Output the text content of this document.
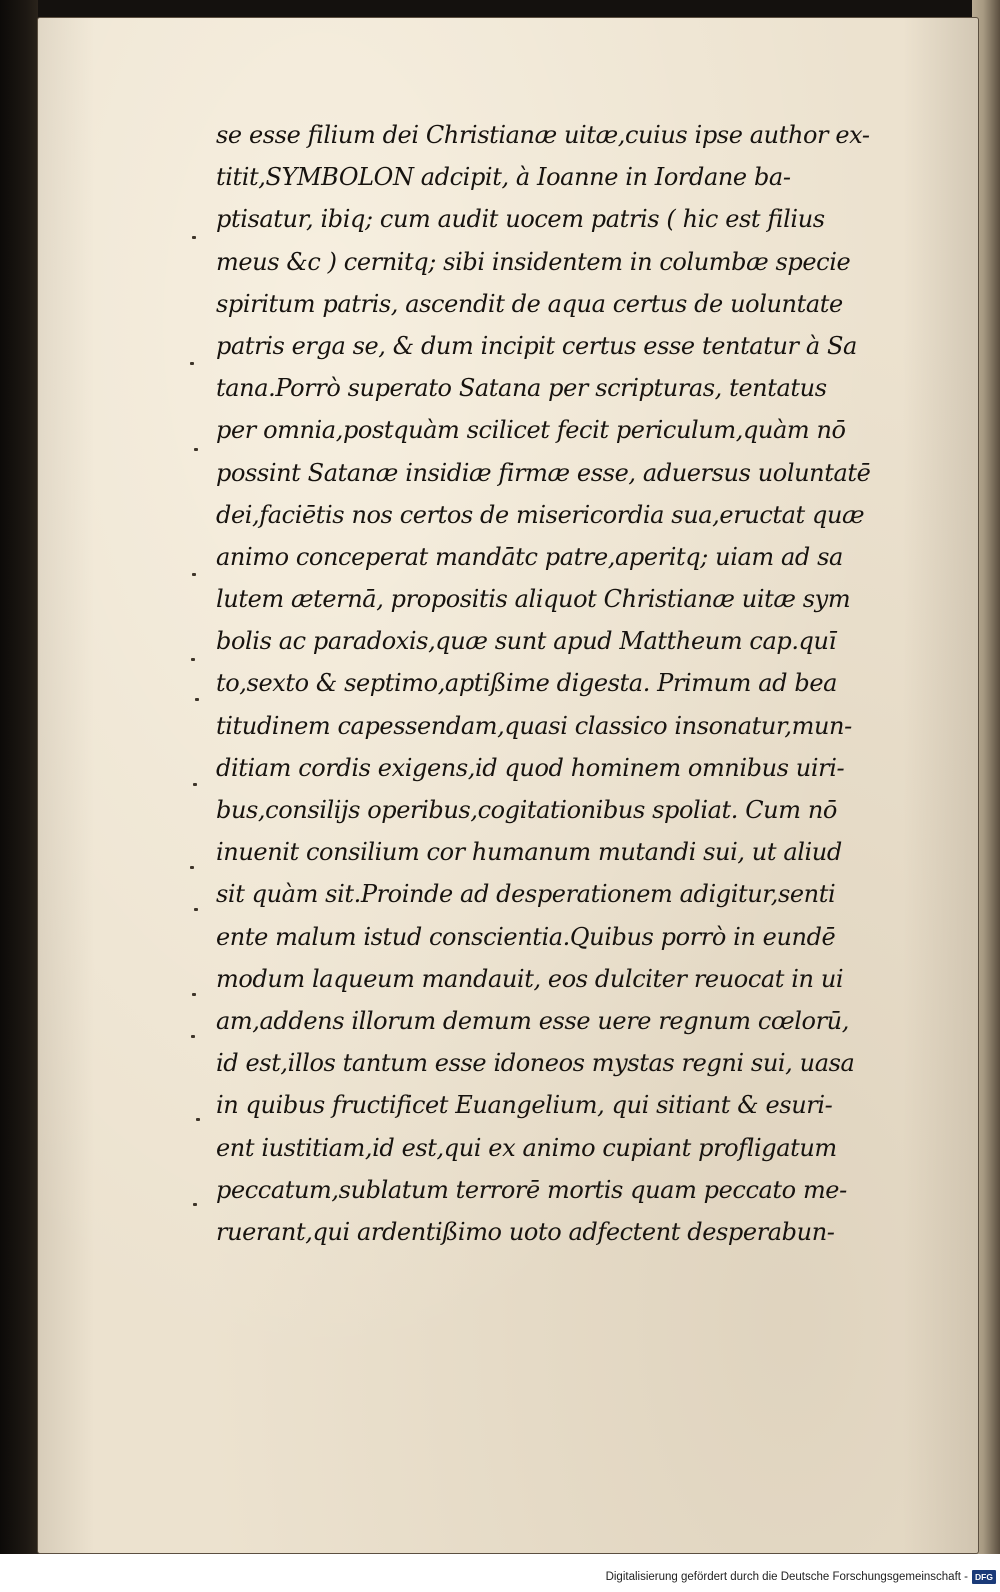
se esse filium dei Christianæ uitæ,cuius ipse author ex-
titit,SYMBOLON adcipit, à Ioanne in Iordane ba-
ptisatur, ibiq; cum audit uocem patris ( hic est filius
meus &c ) cernitq; sibi insidentem in columbæ specie
spiritum patris, ascendit de aqua certus de uoluntate
patris erga se, & dum incipit certus esse tentatur à Sa
tana.Porrò superato Satana per scripturas, tentatus
per omnia,postquàm scilicet fecit periculum,quàm nō
possint Satanæ insidiæ firmæ esse, aduersus uoluntatē
dei,faciētis nos certos de misericordia sua,eructat quæ
animo conceperat mandātc patre,aperitq; uiam ad sa
lutem æternā, propositis aliquot Christianæ uitæ sym
bolis ac paradoxis,quæ sunt apud Mattheum cap.quī
to,sexto & septimo,aptißime digesta. Primum ad bea
titudinem capessendam,quasi classico insonatur,mun-
ditiam cordis exigens,id quod hominem omnibus uiri-
bus,consilijs operibus,cogitationibus spoliat. Cum nō
inuenit consilium cor humanum mutandi sui, ut aliud
sit quàm sit.Proinde ad desperationem adigitur,senti
ente malum istud conscientia.Quibus porrò in eundē
modum laqueum mandauit, eos dulciter reuocat in ui
am,addens illorum demum esse uere regnum cœlorū,
id est,illos tantum esse idoneos mystas regni sui, uasa
in quibus fructificet Euangelium, qui sitiant & esuri-
ent iustitiam,id est,qui ex animo cupiant profligatum
peccatum,sublatum terrorē mortis quam peccato me-
ruerant,qui ardentißimo uoto adfectent desperabun-
Digitalisierung gefördert durch die Deutsche Forschungsgemeinschaft - DFG
